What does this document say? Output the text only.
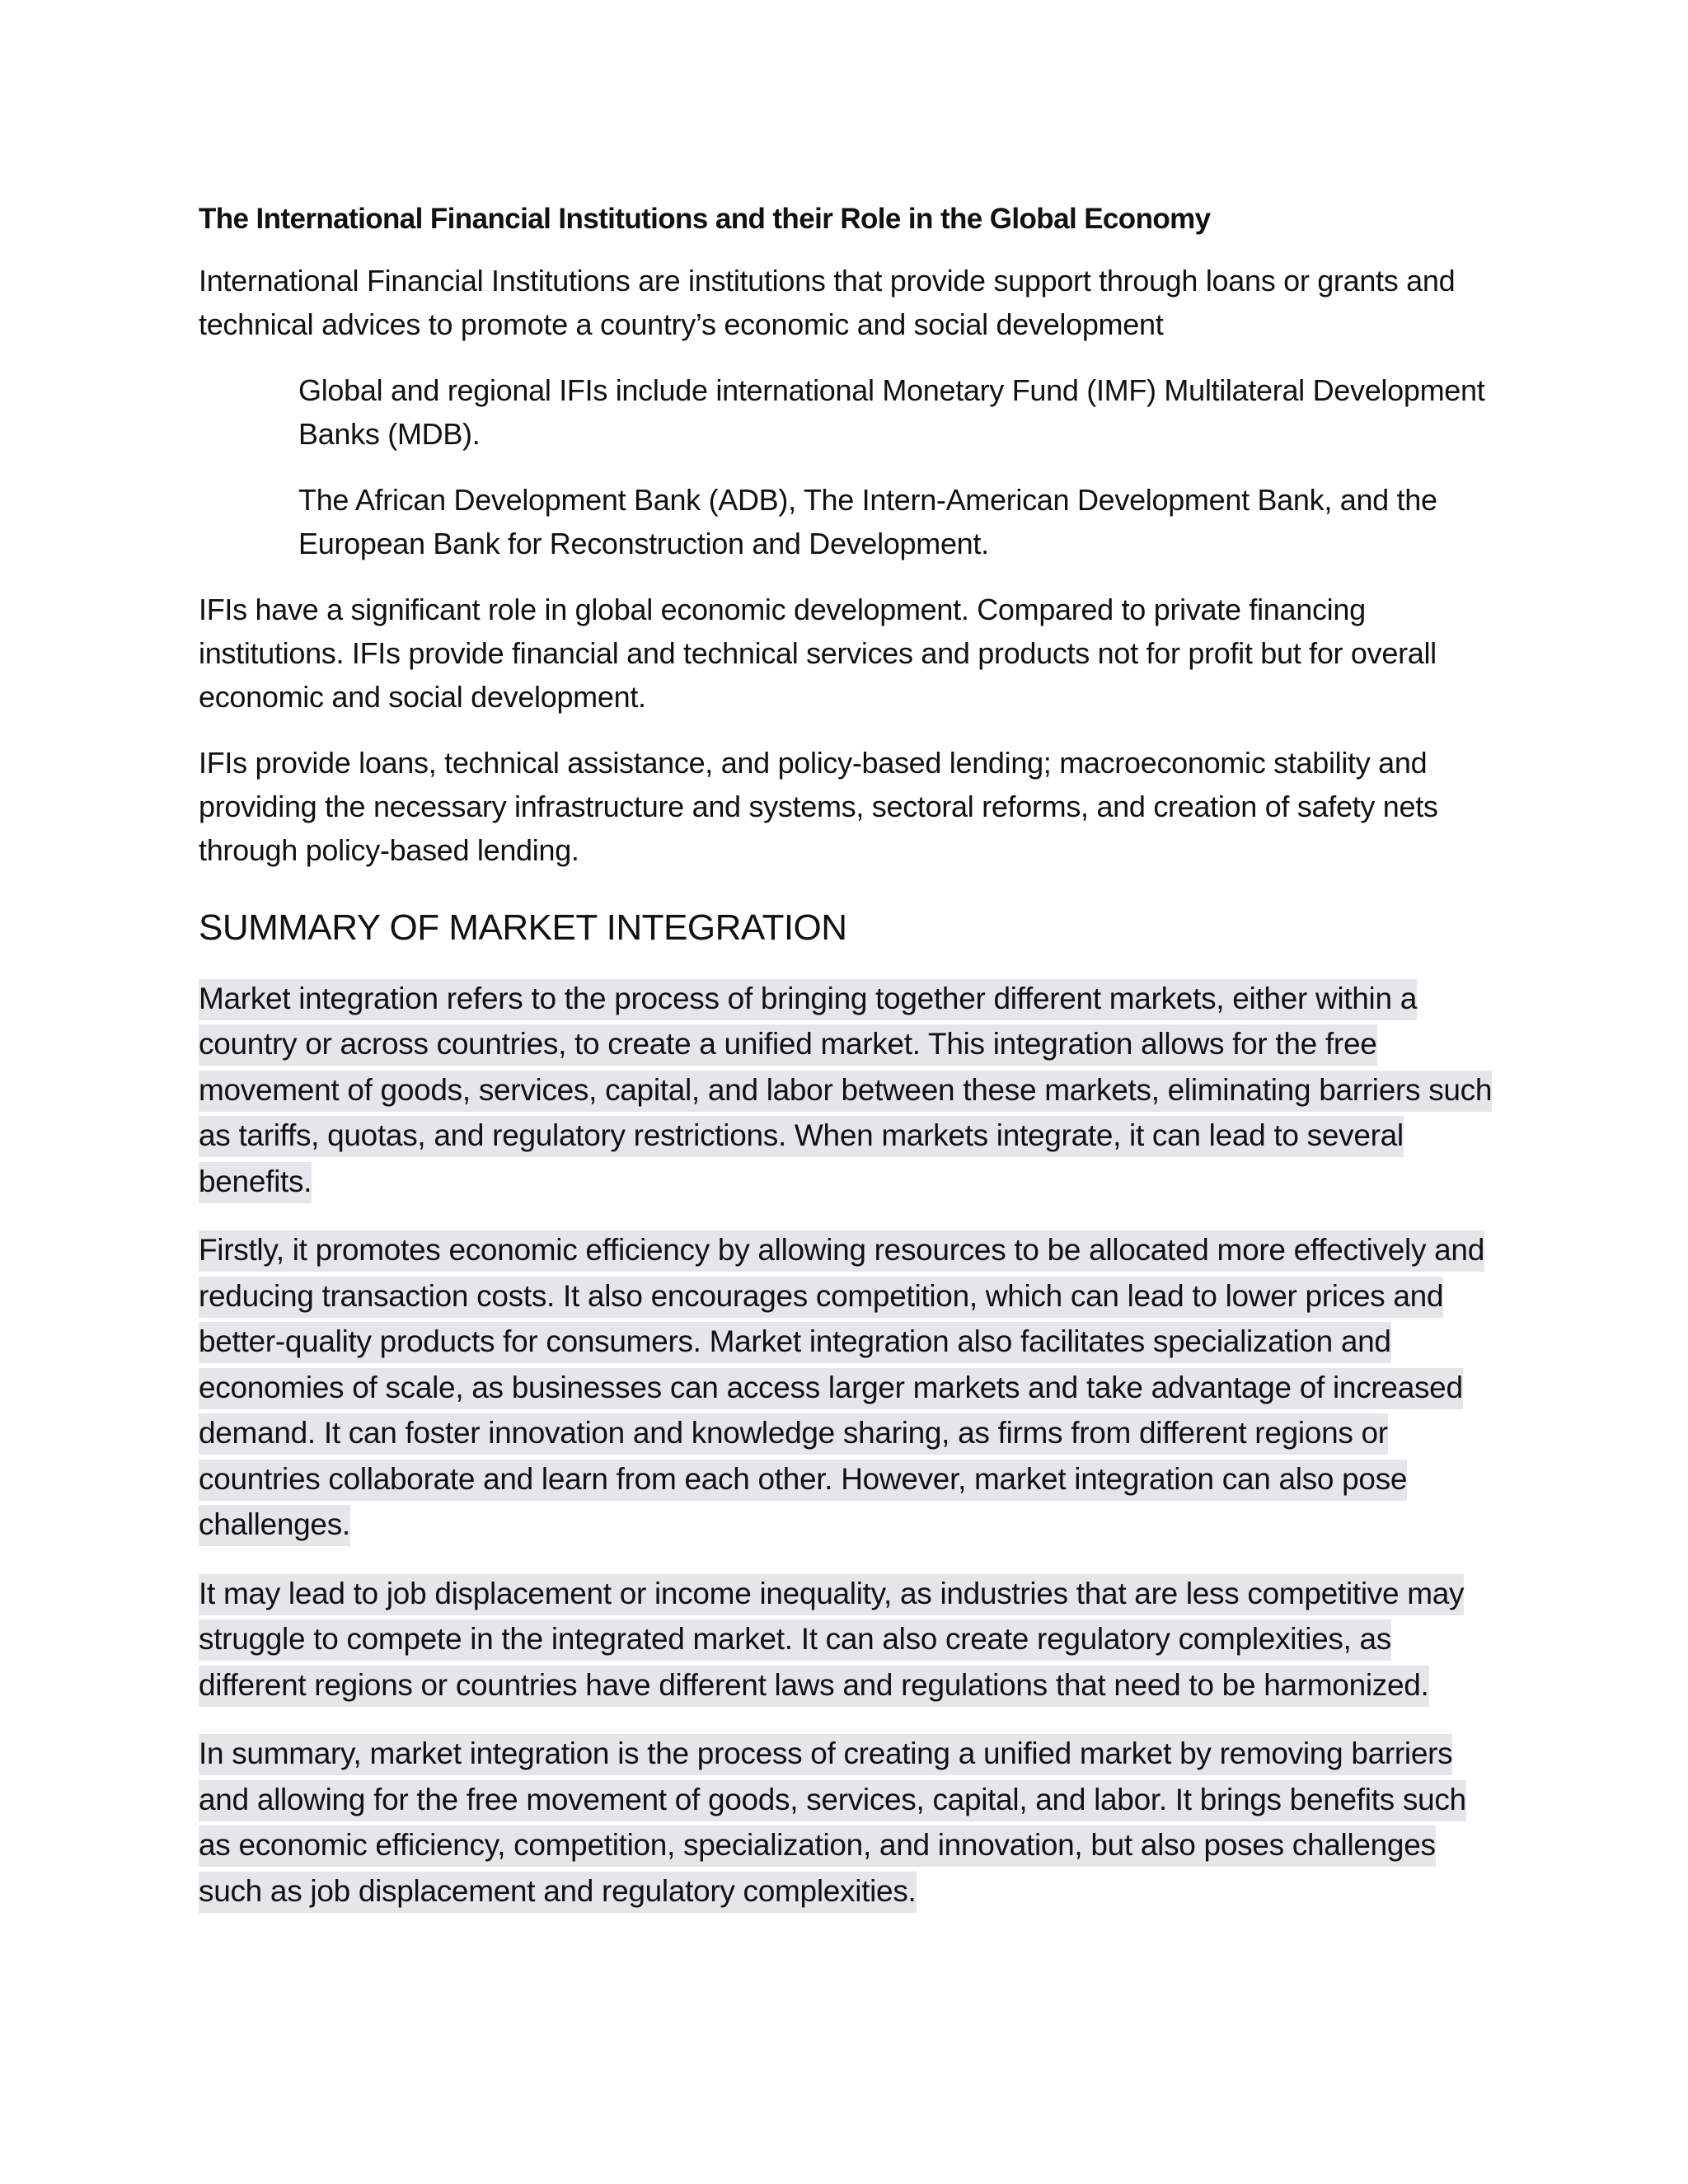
The International Financial Institutions and their Role in the Global Economy

International Financial Institutions are institutions that provide support through loans or grants and technical advices to promote a country’s economic and social development

Global and regional IFIs include international Monetary Fund (IMF) Multilateral Development Banks (MDB).

The African Development Bank (ADB), The Intern-American Development Bank, and the European Bank for Reconstruction and Development.

IFIs have a significant role in global economic development. Compared to private financing institutions. IFIs provide financial and technical services and products not for profit but for overall economic and social development.

IFIs provide loans, technical assistance, and policy-based lending; macroeconomic stability and providing the necessary infrastructure and systems, sectoral reforms, and creation of safety nets through policy-based lending.

SUMMARY OF MARKET INTEGRATION

Market integration refers to the process of bringing together different markets, either within a country or across countries, to create a unified market. This integration allows for the free movement of goods, services, capital, and labor between these markets, eliminating barriers such as tariffs, quotas, and regulatory restrictions. When markets integrate, it can lead to several benefits.

Firstly, it promotes economic efficiency by allowing resources to be allocated more effectively and reducing transaction costs. It also encourages competition, which can lead to lower prices and better-quality products for consumers. Market integration also facilitates specialization and economies of scale, as businesses can access larger markets and take advantage of increased demand. It can foster innovation and knowledge sharing, as firms from different regions or countries collaborate and learn from each other. However, market integration can also pose challenges.

It may lead to job displacement or income inequality, as industries that are less competitive may struggle to compete in the integrated market. It can also create regulatory complexities, as different regions or countries have different laws and regulations that need to be harmonized.

In summary, market integration is the process of creating a unified market by removing barriers and allowing for the free movement of goods, services, capital, and labor. It brings benefits such as economic efficiency, competition, specialization, and innovation, but also poses challenges such as job displacement and regulatory complexities.
